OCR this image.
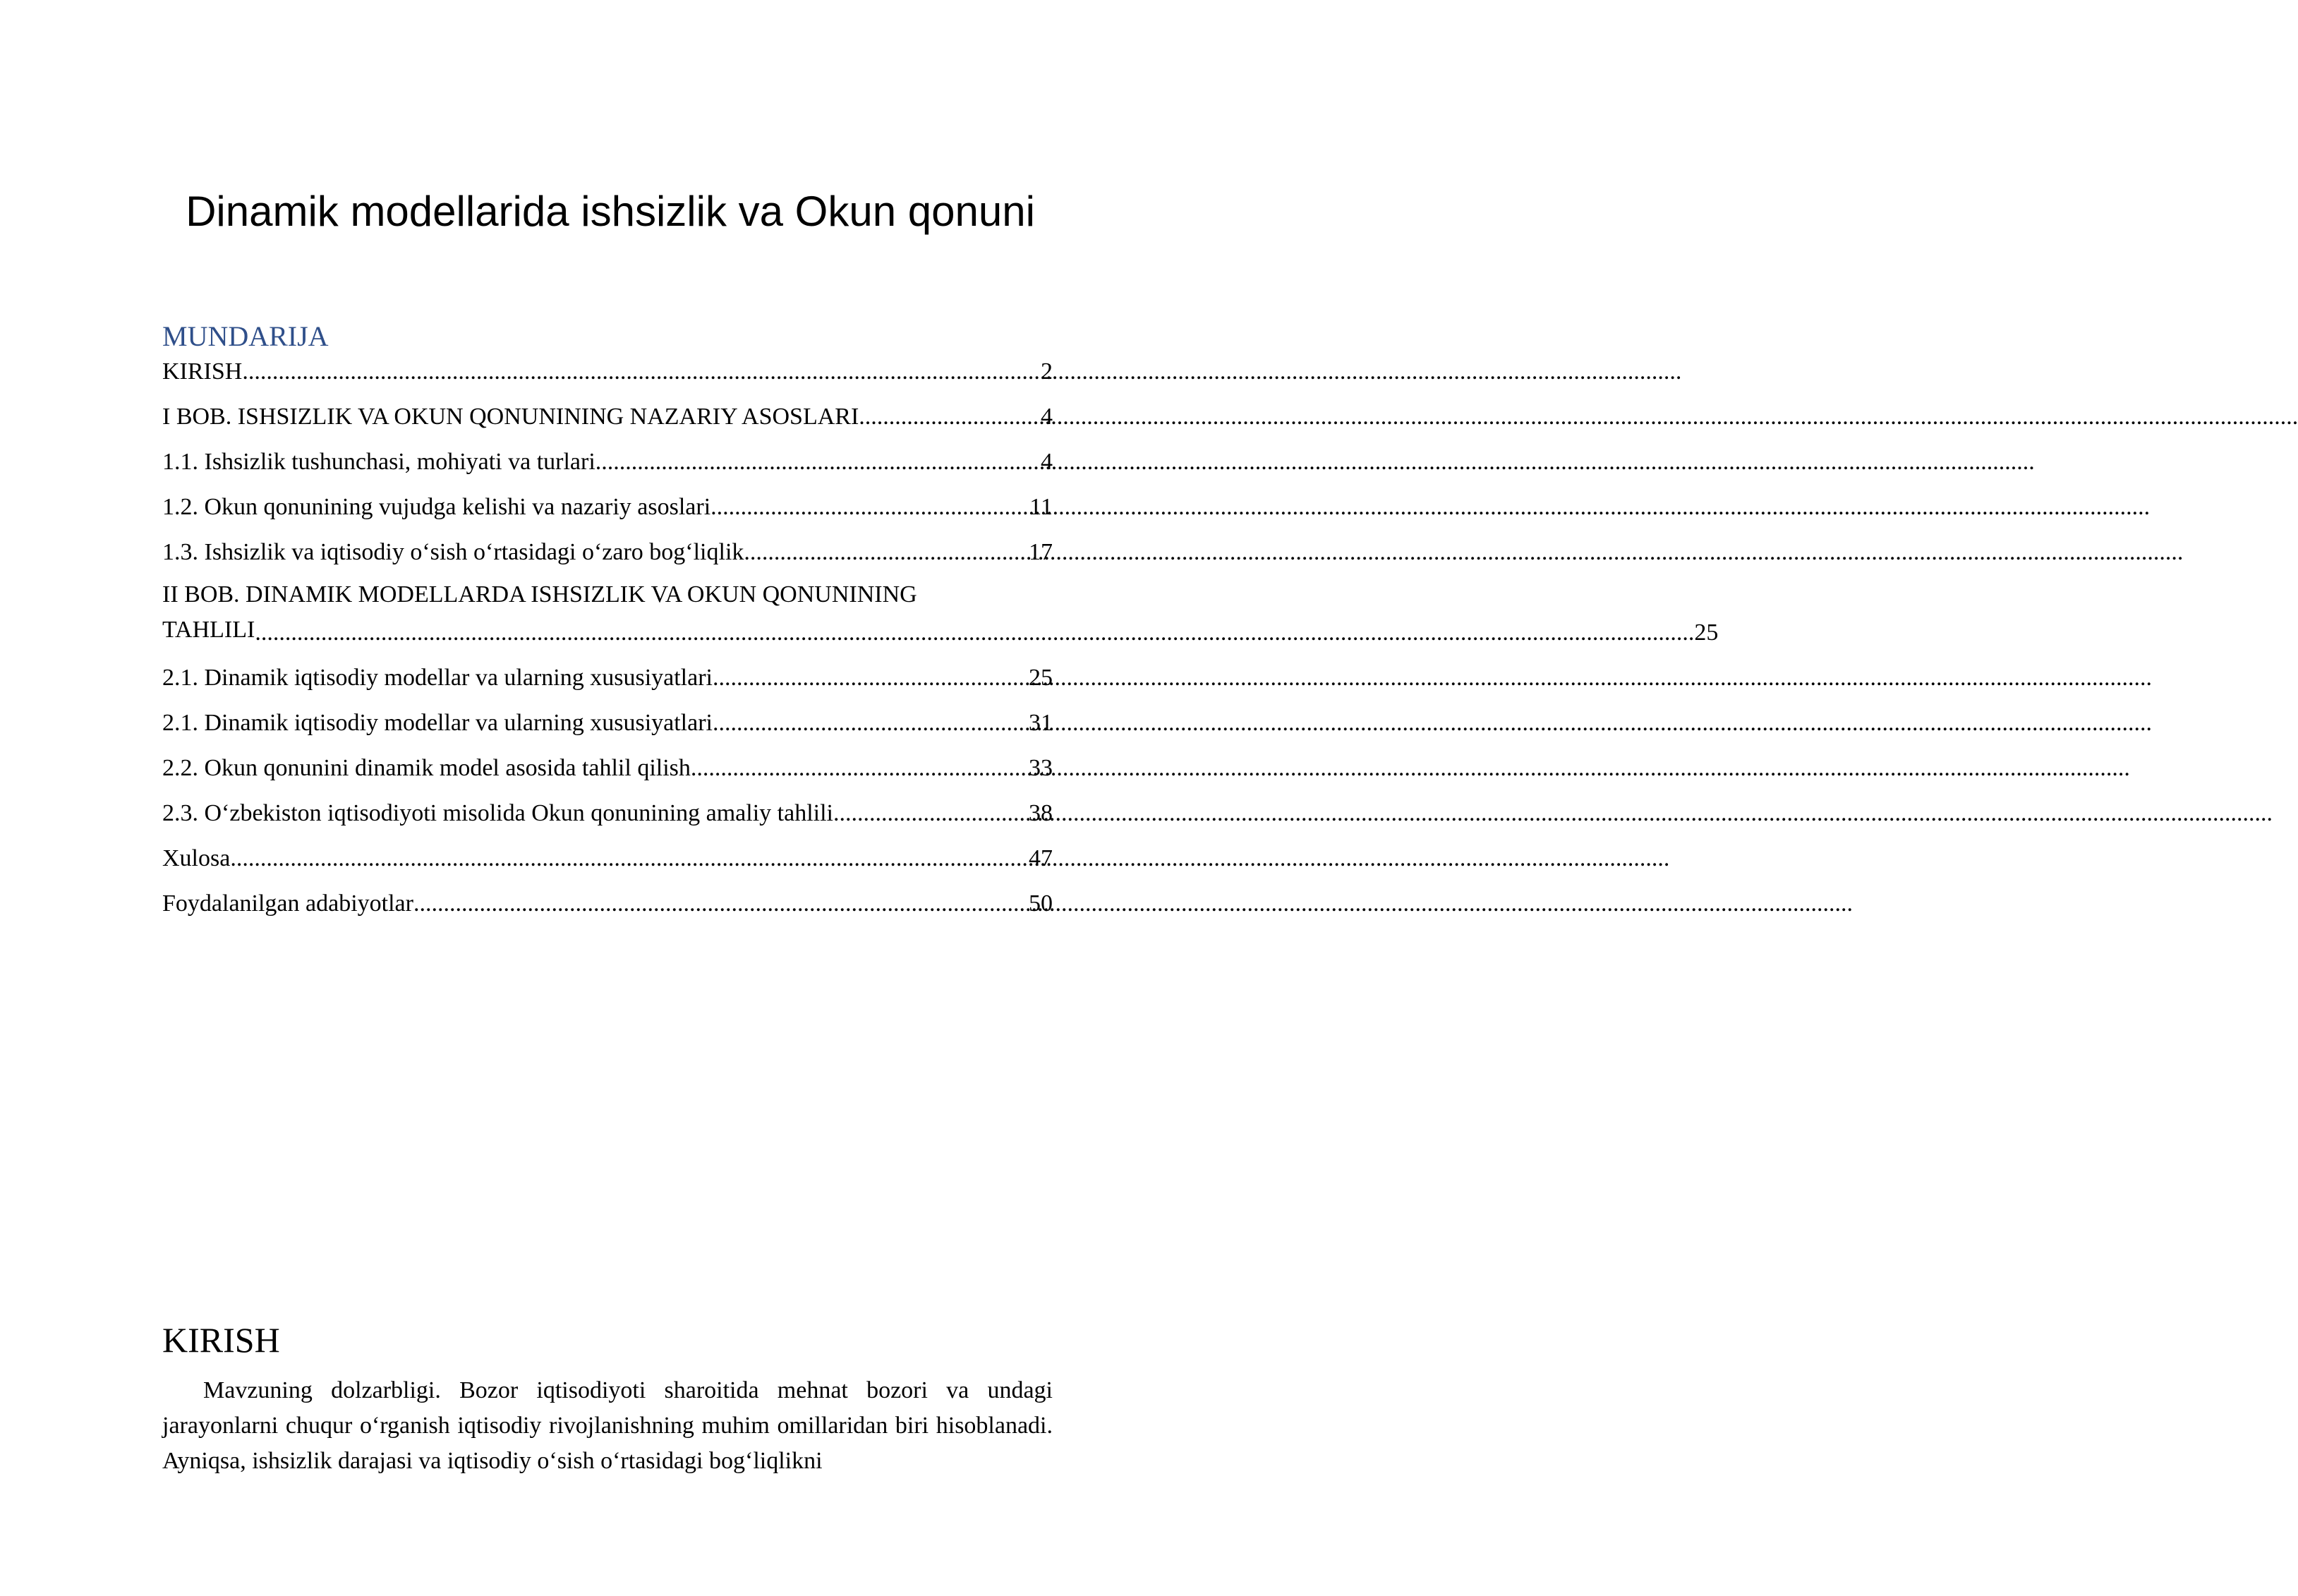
Dinamik modellarida ishsizlik va Okun qonuni
MUNDARIJA
KIRISH .....	2
I BOB. ISHSIZLIK VA OKUN QONUNINING NAZARIY ASOSLARI .....	4
1.1. Ishsizlik tushunchasi, mohiyati va turlari .....	4
1.2. Okun qonunining vujudga kelishi va nazariy asoslari .....	11
1.3. Ishsizlik va iqtisodiy o‘sish o‘rtasidagi o‘zaro bog‘liqlik .....	17
II BOB. DINAMIK MODELLARDA ISHSIZLIK VA OKUN QONUNINING
TAHLILI .....	25
2.1. Dinamik iqtisodiy modellar va ularning xususiyatlari .....	25
2.1. Dinamik iqtisodiy modellar va ularning xususiyatlari .....	31
2.2. Okun qonunini dinamik model asosida tahlil qilish .....	33
2.3. O‘zbekiston iqtisodiyoti misolida Okun qonunining amaliy tahlili .....	38
Xulosa .....	47
Foydalanilgan adabiyotlar .....	50
KIRISH

Mavzuning dolzarbligi. Bozor iqtisodiyoti sharoitida mehnat bozori va undagi jarayonlarni chuqur o‘rganish iqtisodiy rivojlanishning muhim omillaridan biri hisoblanadi. Ayniqsa, ishsizlik darajasi va iqtisodiy o‘sish o‘rtasidagi bog‘liqlikni
